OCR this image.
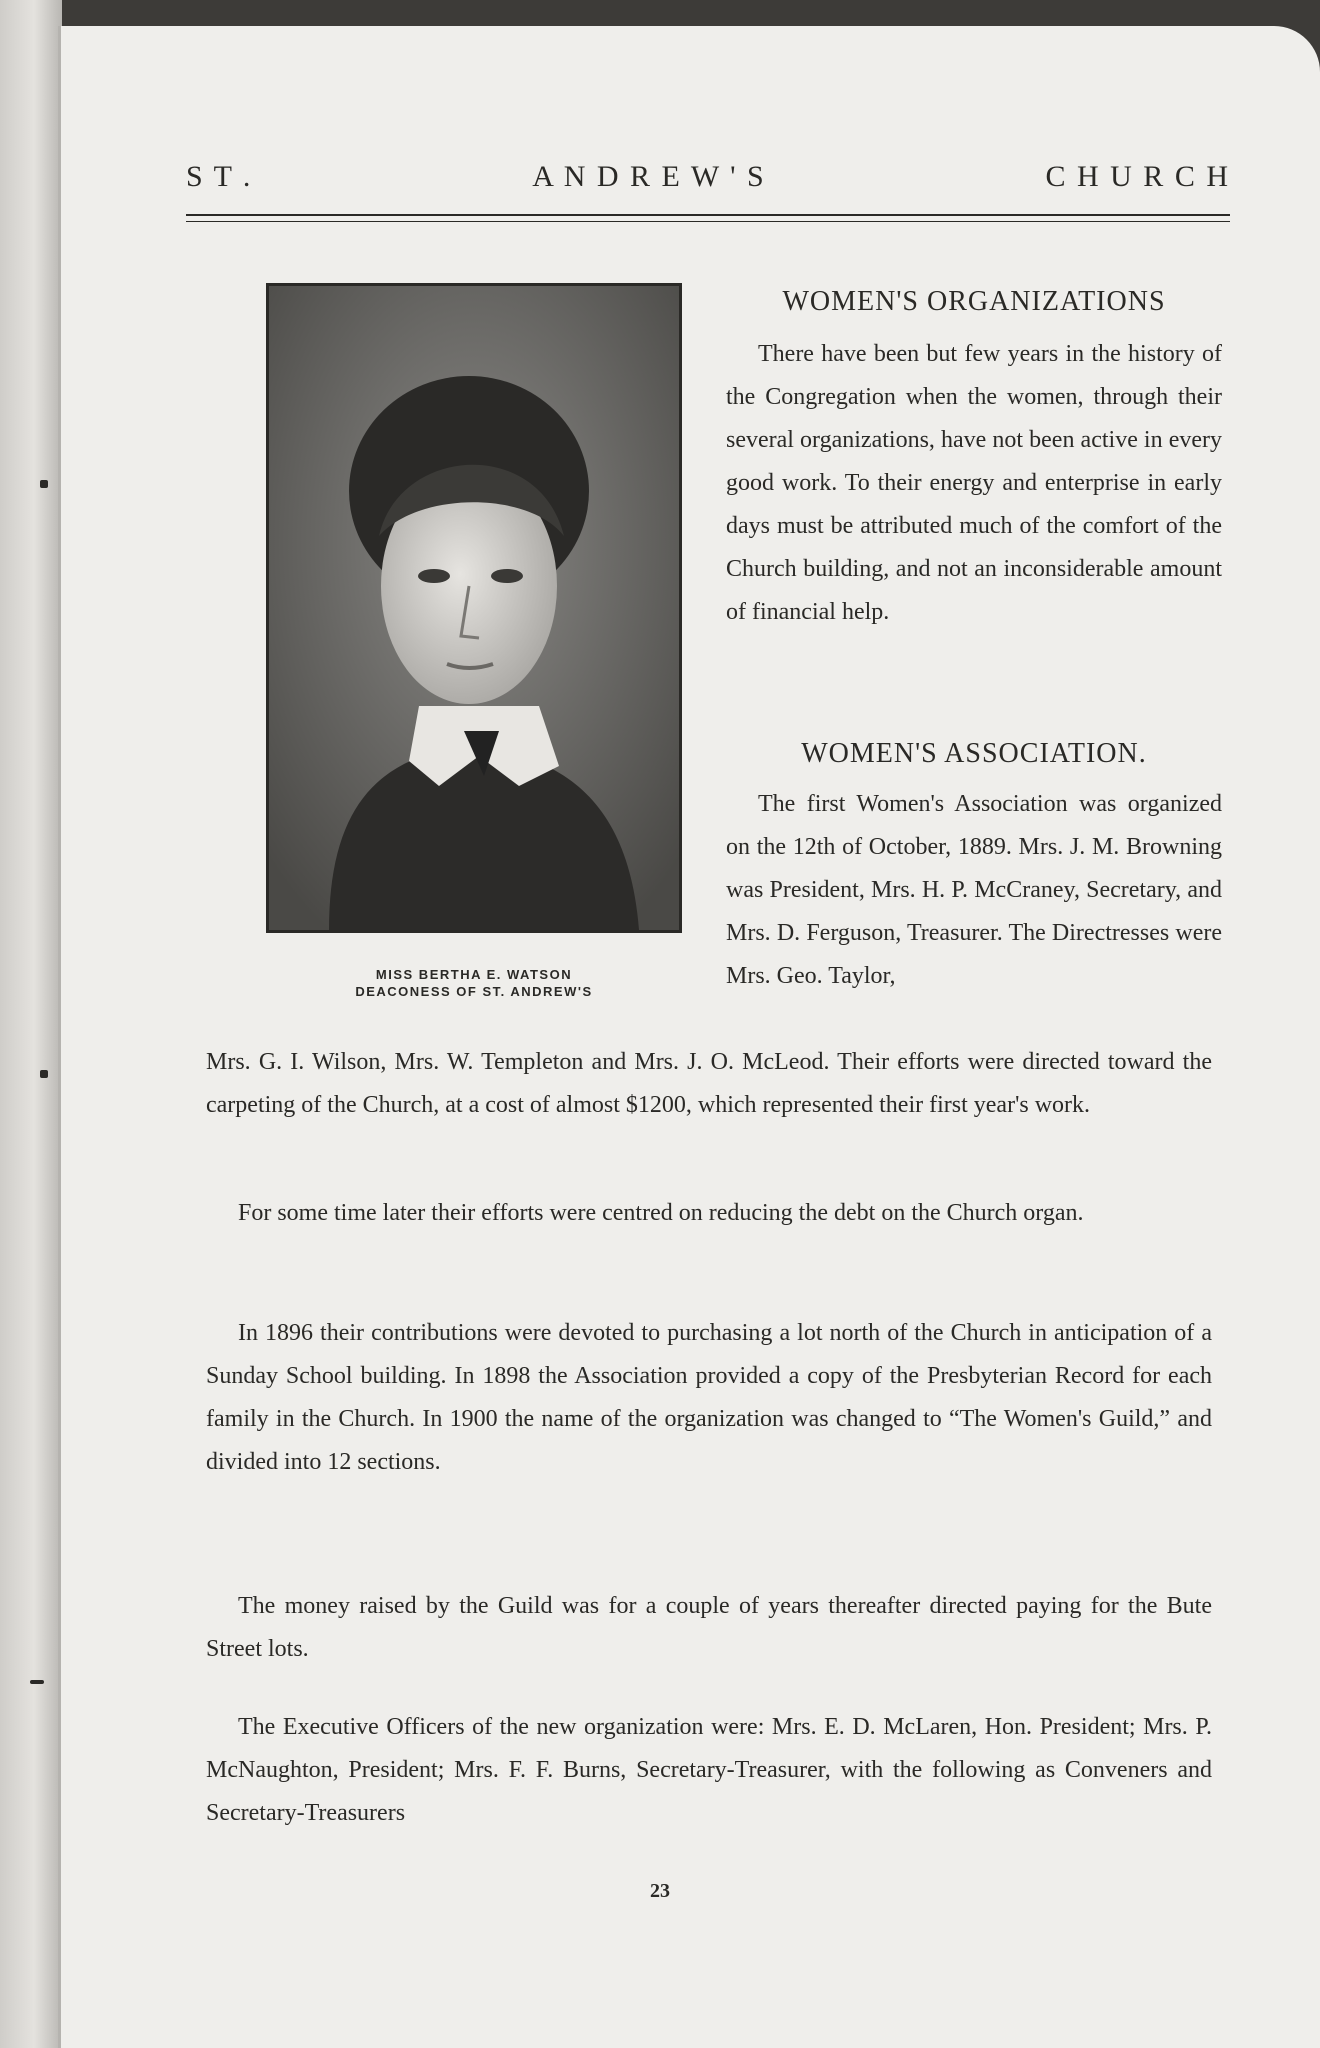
S T .	A N D R E W ' S	C H U R C H
MISS BERTHA E. WATSON
DEACONESS OF ST. ANDREW'S
WOMEN'S ORGANIZATIONS
There have been but few years in the history of the Congregation when the women, through their several organizations, have not been active in every good work. To their energy and enterprise in early days must be attributed much of the comfort of the Church building, and not an inconsiderable amount of financial help.
WOMEN'S ASSOCIATION.
The first Women's Association was organized on the 12th of October, 1889. Mrs. J. M. Browning was President, Mrs. H. P. McCraney, Secretary, and Mrs. D. Ferguson, Treasurer. The Directresses were Mrs. Geo. Taylor,
Mrs. G. I. Wilson, Mrs. W. Templeton and Mrs. J. O. McLeod. Their efforts were directed toward the carpeting of the Church, at a cost of almost $1200, which represented their first year's work.
For some time later their efforts were centred on reducing the debt on the Church organ.
In 1896 their contributions were devoted to purchasing a lot north of the Church in anticipation of a Sunday School building. In 1898 the Association provided a copy of the Presbyterian Record for each family in the Church. In 1900 the name of the organization was changed to “The Women's Guild,” and divided into 12 sections.
The money raised by the Guild was for a couple of years thereafter directed paying for the Bute Street lots.
The Executive Officers of the new organization were: Mrs. E. D. McLaren, Hon. President; Mrs. P. McNaughton, President; Mrs. F. F. Burns, Secretary-Treasurer, with the following as Conveners and Secretary-Treasurers
23
